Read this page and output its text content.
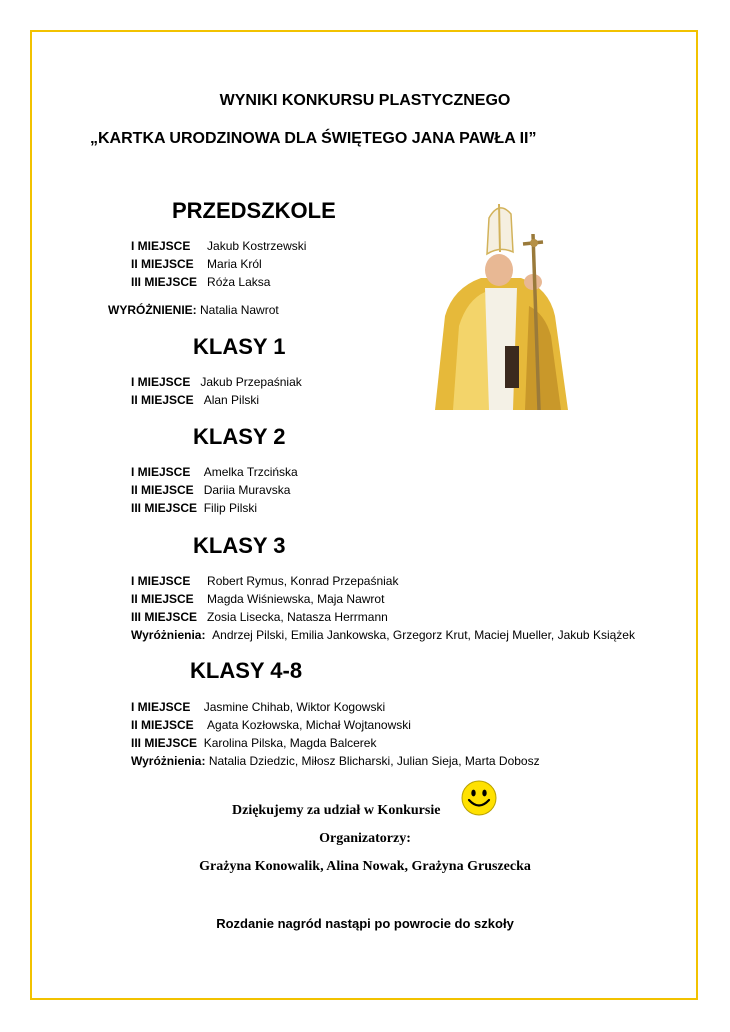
WYNIKI KONKURSU PLASTYCZNEGO
„KARTKA URODZINOWA DLA ŚWIĘTEGO JANA PAWŁA II”
PRZEDSZKOLE
I MIEJSCE Jakub Kostrzewski
II MIEJSCE Maria Król
III MIEJSCE Róża Laksa
WYRÓŻNIENIE: Natalia Nawrot
KLASY 1
I MIEJSCE Jakub Przepaśniak
II MIEJSCE Alan Pilski
KLASY 2
I MIEJSCE Amelka Trzcińska
II MIEJSCE Dariia Muravska
III MIEJSCE Filip Pilski
KLASY 3
I MIEJSCE Robert Rymus, Konrad Przepaśniak
II MIEJSCE Magda Wiśniewska, Maja Nawrot
III MIEJSCE Zosia Lisecka, Natasza Herrmann
Wyróżnienia: Andrzej Pilski, Emilia Jankowska, Grzegorz Krut, Maciej Mueller, Jakub Książek
KLASY 4-8
I MIEJSCE Jasmine Chihab, Wiktor Kogowski
II MIEJSCE Agata Kozłowska, Michał Wojtanowski
III MIEJSCE Karolina Pilska, Magda Balcerek
Wyróżnienia: Natalia Dziedzic, Miłosz Blicharski, Julian Sieja, Marta Dobosz
Dziękujemy za udział w Konkursie
Organizatorzy:
Grażyna Konowalik, Alina Nowak, Grażyna Gruszecka
Rozdanie nagród nastąpi po powrocie do szkoły
